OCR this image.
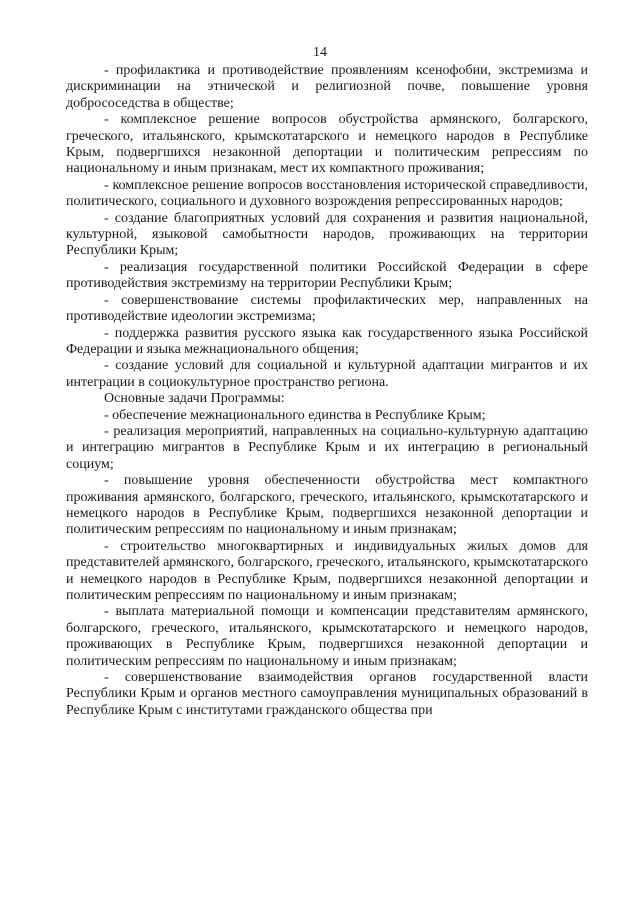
14

- профилактика и противодействие проявлениям ксенофобии, экстремизма и дискриминации на этнической и религиозной почве, повышение уровня добрососедства в обществе;

- комплексное решение вопросов обустройства армянского, болгарского, греческого, итальянского, крымскотатарского и немецкого народов в Республике Крым, подвергшихся незаконной депортации и политическим репрессиям по национальному и иным признакам, мест их компактного проживания;

- комплексное решение вопросов восстановления исторической справедливости, политического, социального и духовного возрождения репрессированных народов;

- создание благоприятных условий для сохранения и развития национальной, культурной, языковой самобытности народов, проживающих на территории Республики Крым;

- реализация государственной политики Российской Федерации в сфере противодействия экстремизму на территории Республики Крым;

- совершенствование системы профилактических мер, направленных на противодействие идеологии экстремизма;

- поддержка развития русского языка как государственного языка Российской Федерации и языка межнационального общения;

- создание условий для социальной и культурной адаптации мигрантов и их интеграции в социокультурное пространство региона.

Основные задачи Программы:

- обеспечение межнационального единства в Республике Крым;

- реализация мероприятий, направленных на социально-культурную адаптацию и интеграцию мигрантов в Республике Крым и их интеграцию в региональный социум;

- повышение уровня обеспеченности обустройства мест компактного проживания армянского, болгарского, греческого, итальянского, крымскотатарского и немецкого народов в Республике Крым, подвергшихся незаконной депортации и политическим репрессиям по национальному и иным признакам;

- строительство многоквартирных и индивидуальных жилых домов для представителей армянского, болгарского, греческого, итальянского, крымскотатарского и немецкого народов в Республике Крым, подвергшихся незаконной депортации и политическим репрессиям по национальному и иным признакам;

- выплата материальной помощи и компенсации представителям армянского, болгарского, греческого, итальянского, крымскотатарского и немецкого народов, проживающих в Республике Крым, подвергшихся незаконной депортации и политическим репрессиям по национальному и иным признакам;

- совершенствование взаимодействия органов государственной власти Республики Крым и органов местного самоуправления муниципальных образований в Республике Крым с институтами гражданского общества при
